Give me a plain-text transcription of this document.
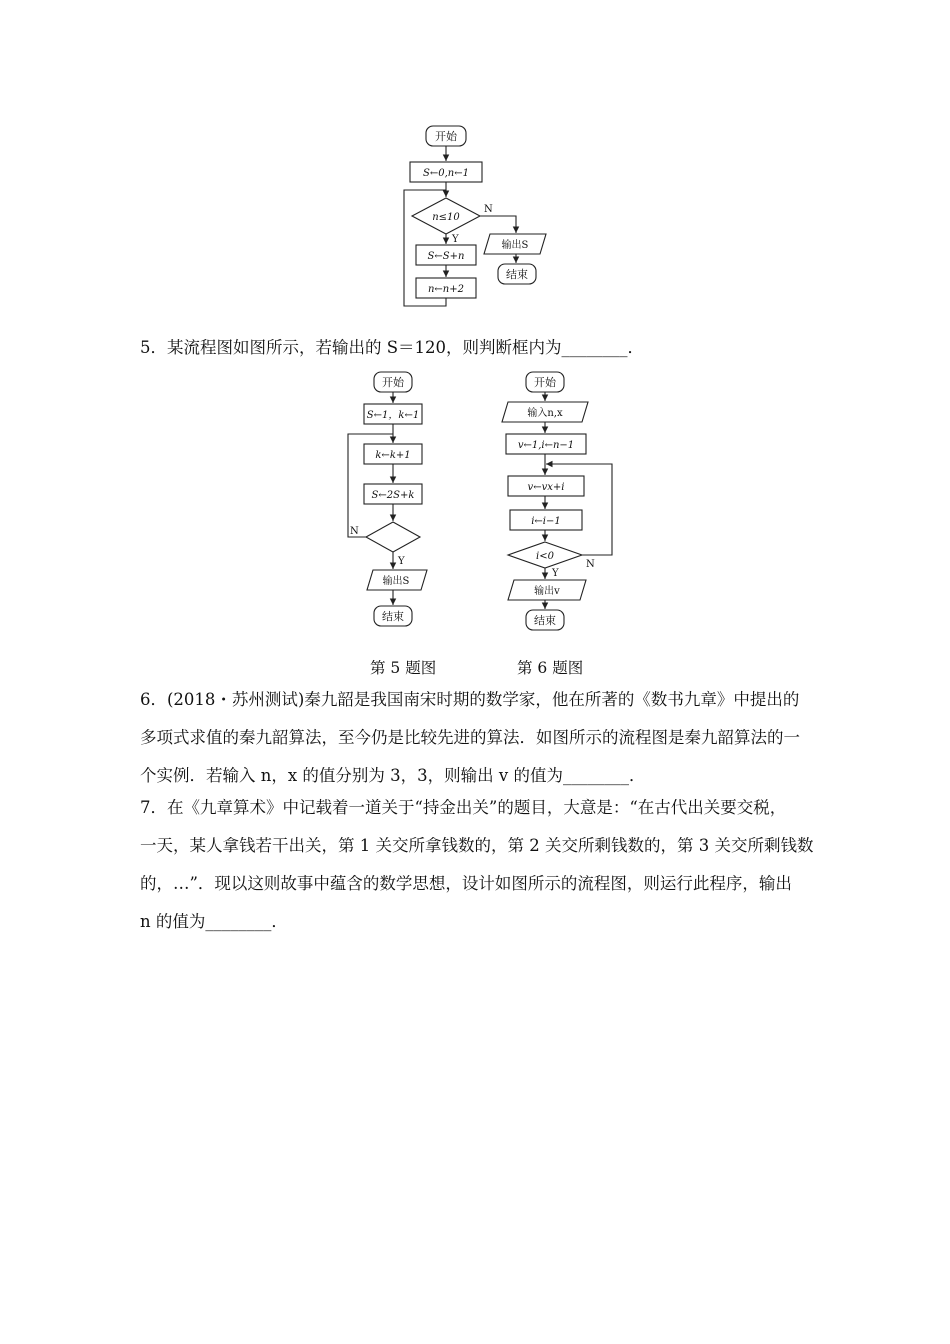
开始
S←0,n←1
n≤10
Y
N
S←S+n
n←n+2
输出S
结束
5．某流程图如图所示，若输出的 S＝120，则判断框内为________．
开始
S←1，k←1
k←k+1
S←2S+k
Y
N
输出S
结束
开始
输入n,x
v←1,i←n−1
v←vx+i
i←i−1
i<0
Y
N
输出v
结束
第 5 题图	第 6 题图
6．(2018・苏州测试)秦九韶是我国南宋时期的数学家，他在所著的《数书九章》中提出的
多项式求值的秦九韶算法，至今仍是比较先进的算法．如图所示的流程图是秦九韶算法的一
个实例．若输入 n，x 的值分别为 3，3，则输出 v 的值为________．
7．在《九章算术》中记载着一道关于“持金出关”的题目，大意是：“在古代出关要交税，
一天，某人拿钱若干出关，第 1 关交所拿钱数的，第 2 关交所剩钱数的，第 3 关交所剩钱数
的，…”．现以这则故事中蕴含的数学思想，设计如图所示的流程图，则运行此程序，输出
n 的值为________．
